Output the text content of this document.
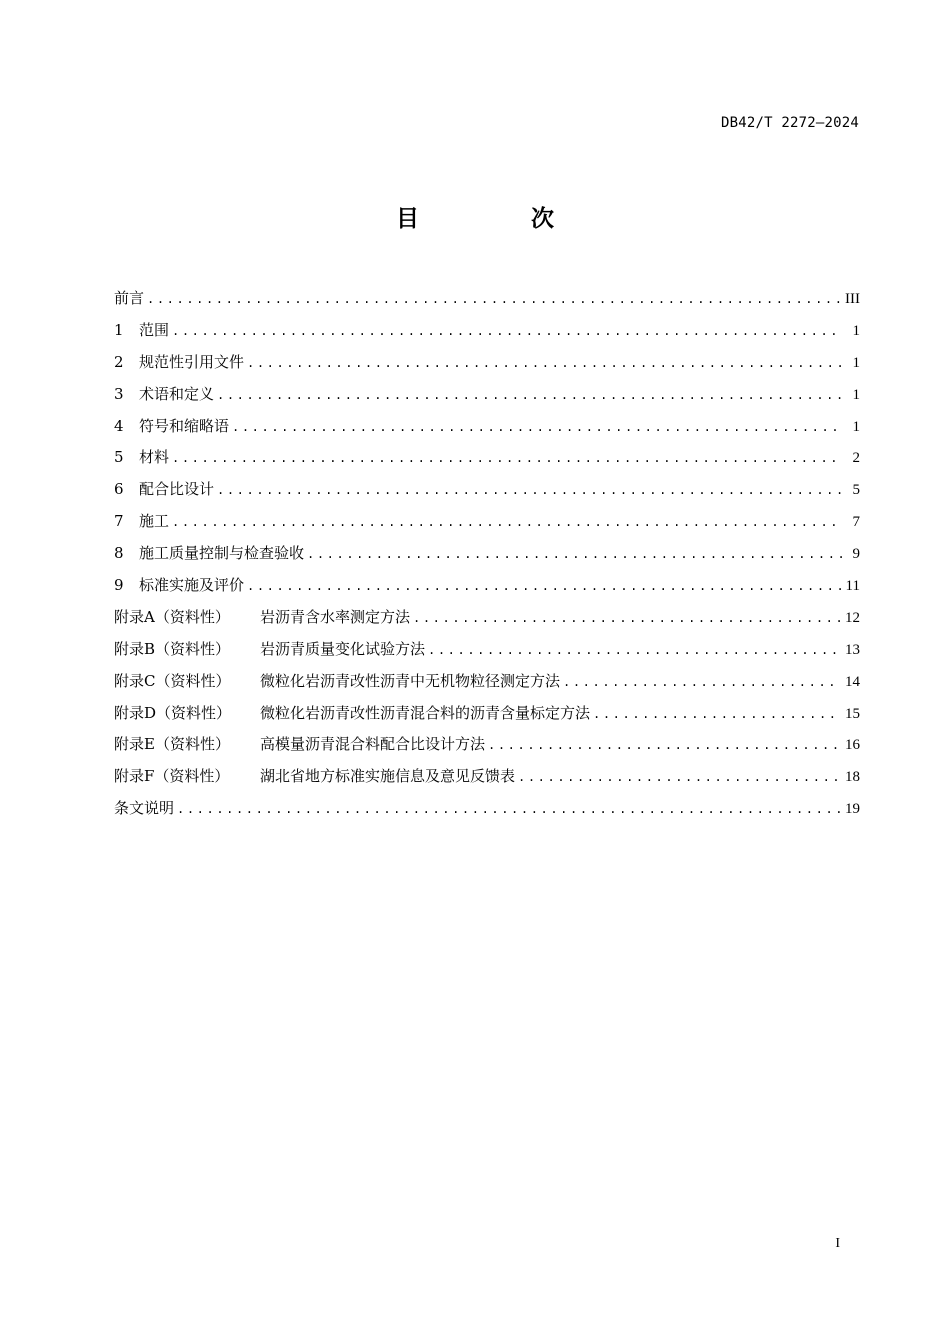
DB42/T 2272—2024
目 次
前言 .....	III
1	范围 .....	1
2	规范性引用文件 .....	1
3	术语和定义 .....	1
4	符号和缩略语 .....	1
5	材料 .....	2
6	配合比设计 .....	5
7	施工 .....	7
8	施工质量控制与检查验收 .....	9
9	标准实施及评价 .....	11
附录A（资料性）	岩沥青含水率测定方法 .....	12
附录B（资料性）	岩沥青质量变化试验方法 .....	13
附录C（资料性）	微粒化岩沥青改性沥青中无机物粒径测定方法 .....	14
附录D（资料性）	微粒化岩沥青改性沥青混合料的沥青含量标定方法 .....	15
附录E（资料性）	高模量沥青混合料配合比设计方法 .....	16
附录F（资料性）	湖北省地方标准实施信息及意见反馈表 .....	18
条文说明 .....	19
I
